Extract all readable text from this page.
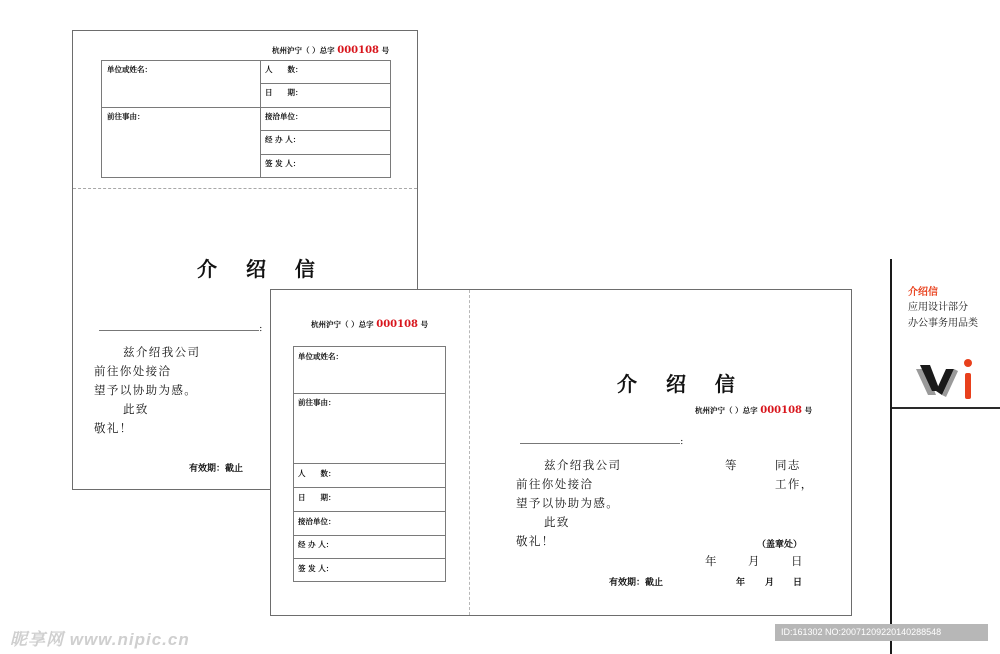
杭州沪宁（ ）总字 000108 号
单位或姓名：
前往事由：
人　　数：
日　　期：
接洽单位：
经 办 人：
签 发 人：
介 绍 信
：
兹介绍我公司
前往你处接洽
望予以协助为感。
此致
敬礼！
有效期：截止
杭州沪宁（ ）总字 000108 号
单位或姓名：
前往事由：
人　　数：
日　　期：
接洽单位：
经 办 人：
签 发 人：
介 绍 信
杭州沪宁（ ）总字 000108 号
：
兹介绍我公司	等	同志
前往你处接洽	工作，
望予以协助为感。
此致
敬礼！	（盖章处）
年	月	日
有效期：截止	年 月 日
介绍信
应用设计部分
办公事务用品类
昵享网 www.nipic.cn	ID:161302 NO:20071209220140288548
